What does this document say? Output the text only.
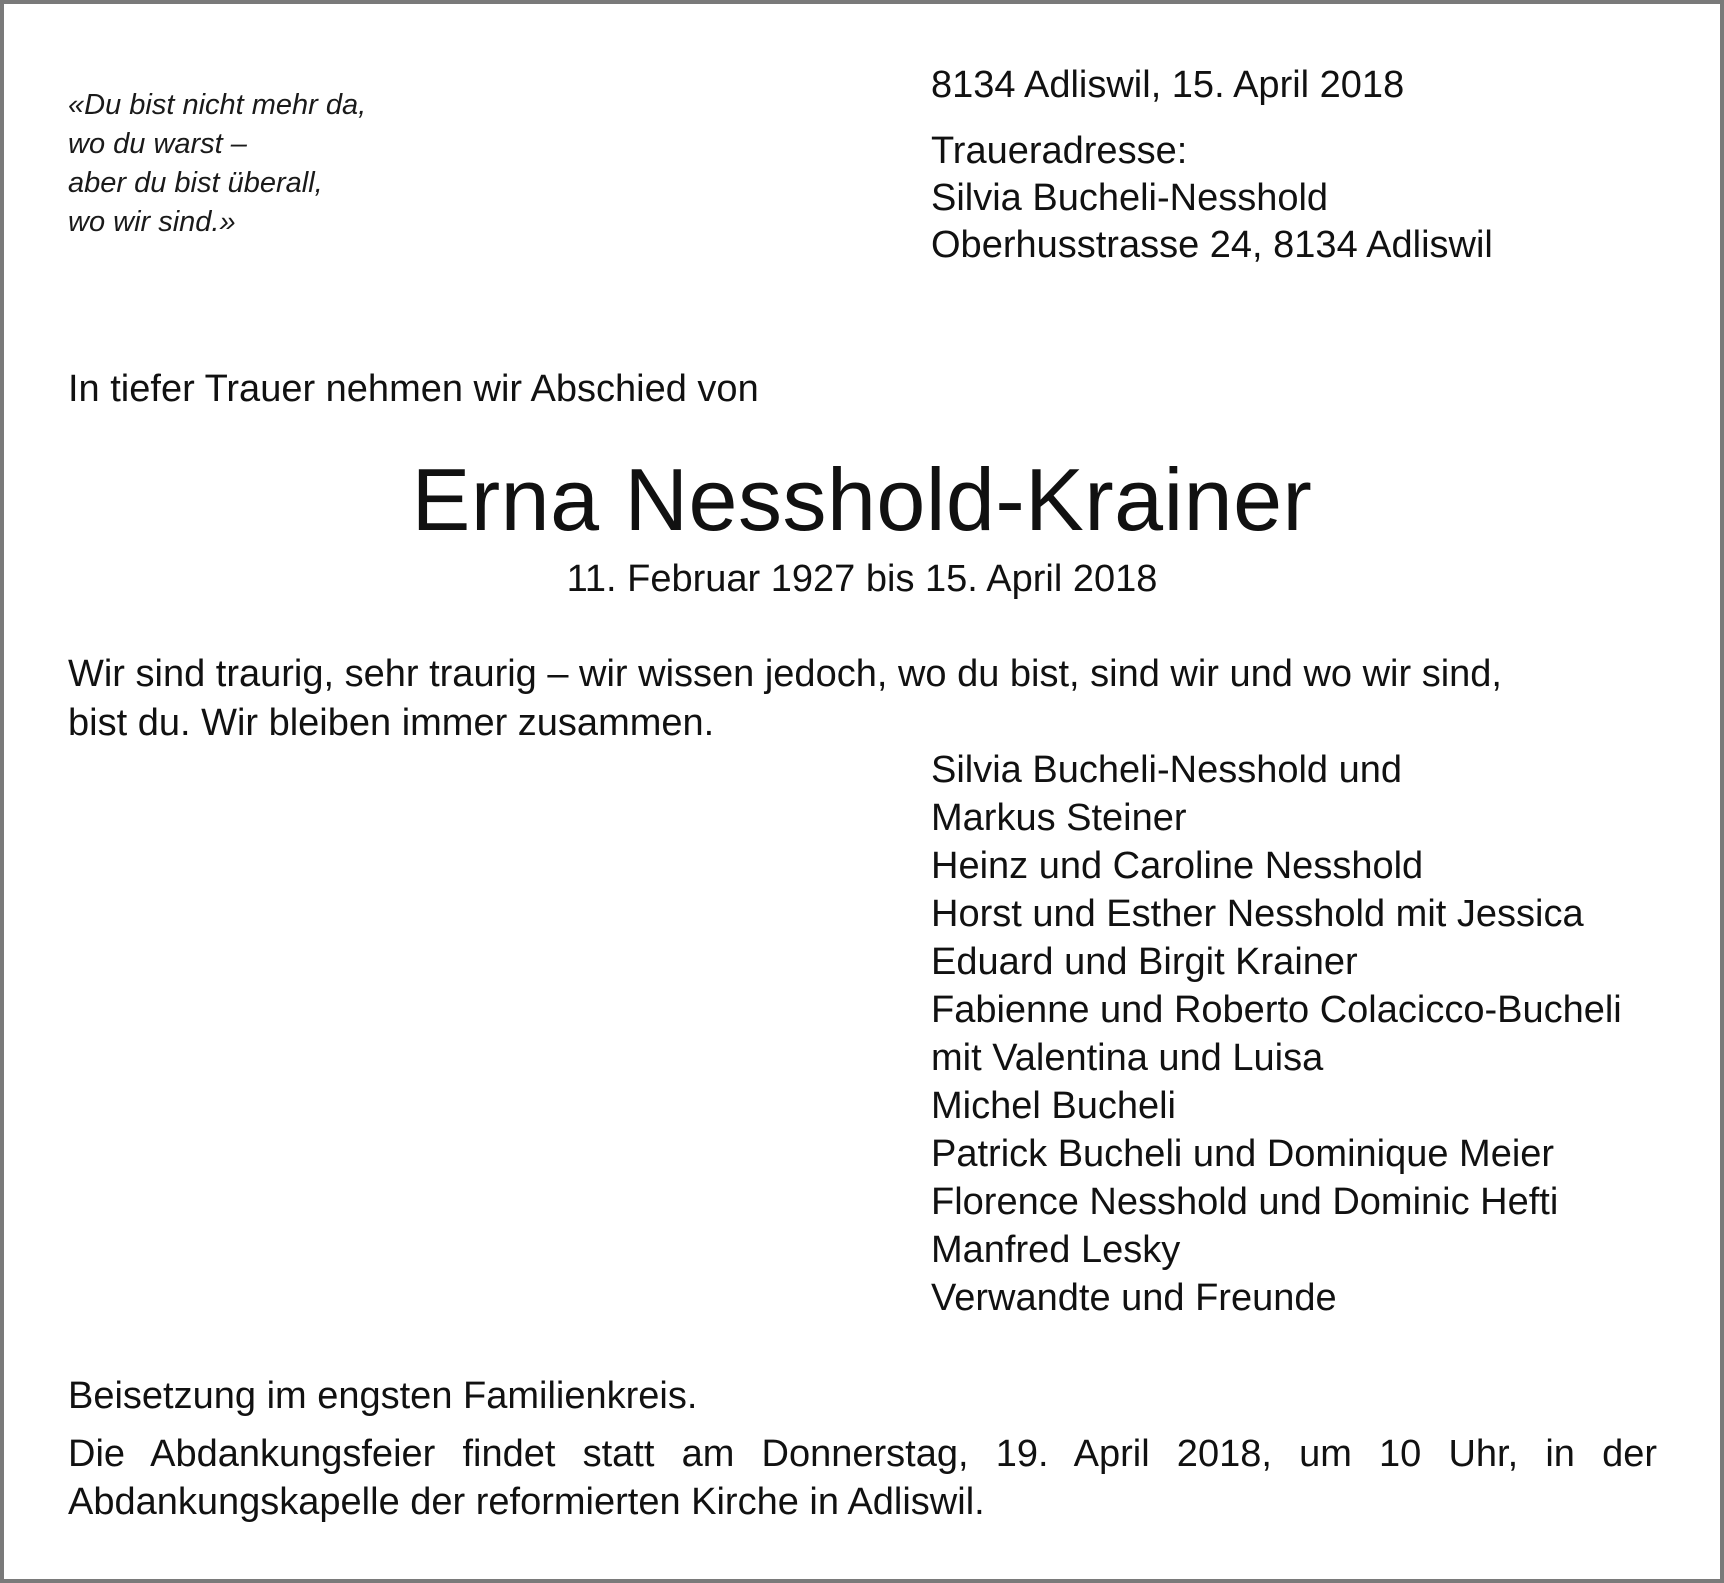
«Du bist nicht mehr da,
wo du warst –
aber du bist überall,
wo wir sind.»
8134 Adliswil, 15. April 2018
Traueradresse:
Silvia Bucheli-Nesshold
Oberhusstrasse 24, 8134 Adliswil
In tiefer Trauer nehmen wir Abschied von
Erna Nesshold-Krainer
11. Februar 1927 bis 15. April 2018
Wir sind traurig, sehr traurig – wir wissen jedoch, wo du bist, sind wir und wo wir sind,
bist du. Wir bleiben immer zusammen.
Silvia Bucheli-Nesshold und
Markus Steiner
Heinz und Caroline Nesshold
Horst und Esther Nesshold mit Jessica
Eduard und Birgit Krainer
Fabienne und Roberto Colacicco-Bucheli
mit Valentina und Luisa
Michel Bucheli
Patrick Bucheli und Dominique Meier
Florence Nesshold und Dominic Hefti
Manfred Lesky
Verwandte und Freunde
Beisetzung im engsten Familienkreis.
Die Abdankungsfeier findet statt am Donnerstag, 19. April 2018, um 10 Uhr, in der
Abdankungskapelle der reformierten Kirche in Adliswil.
